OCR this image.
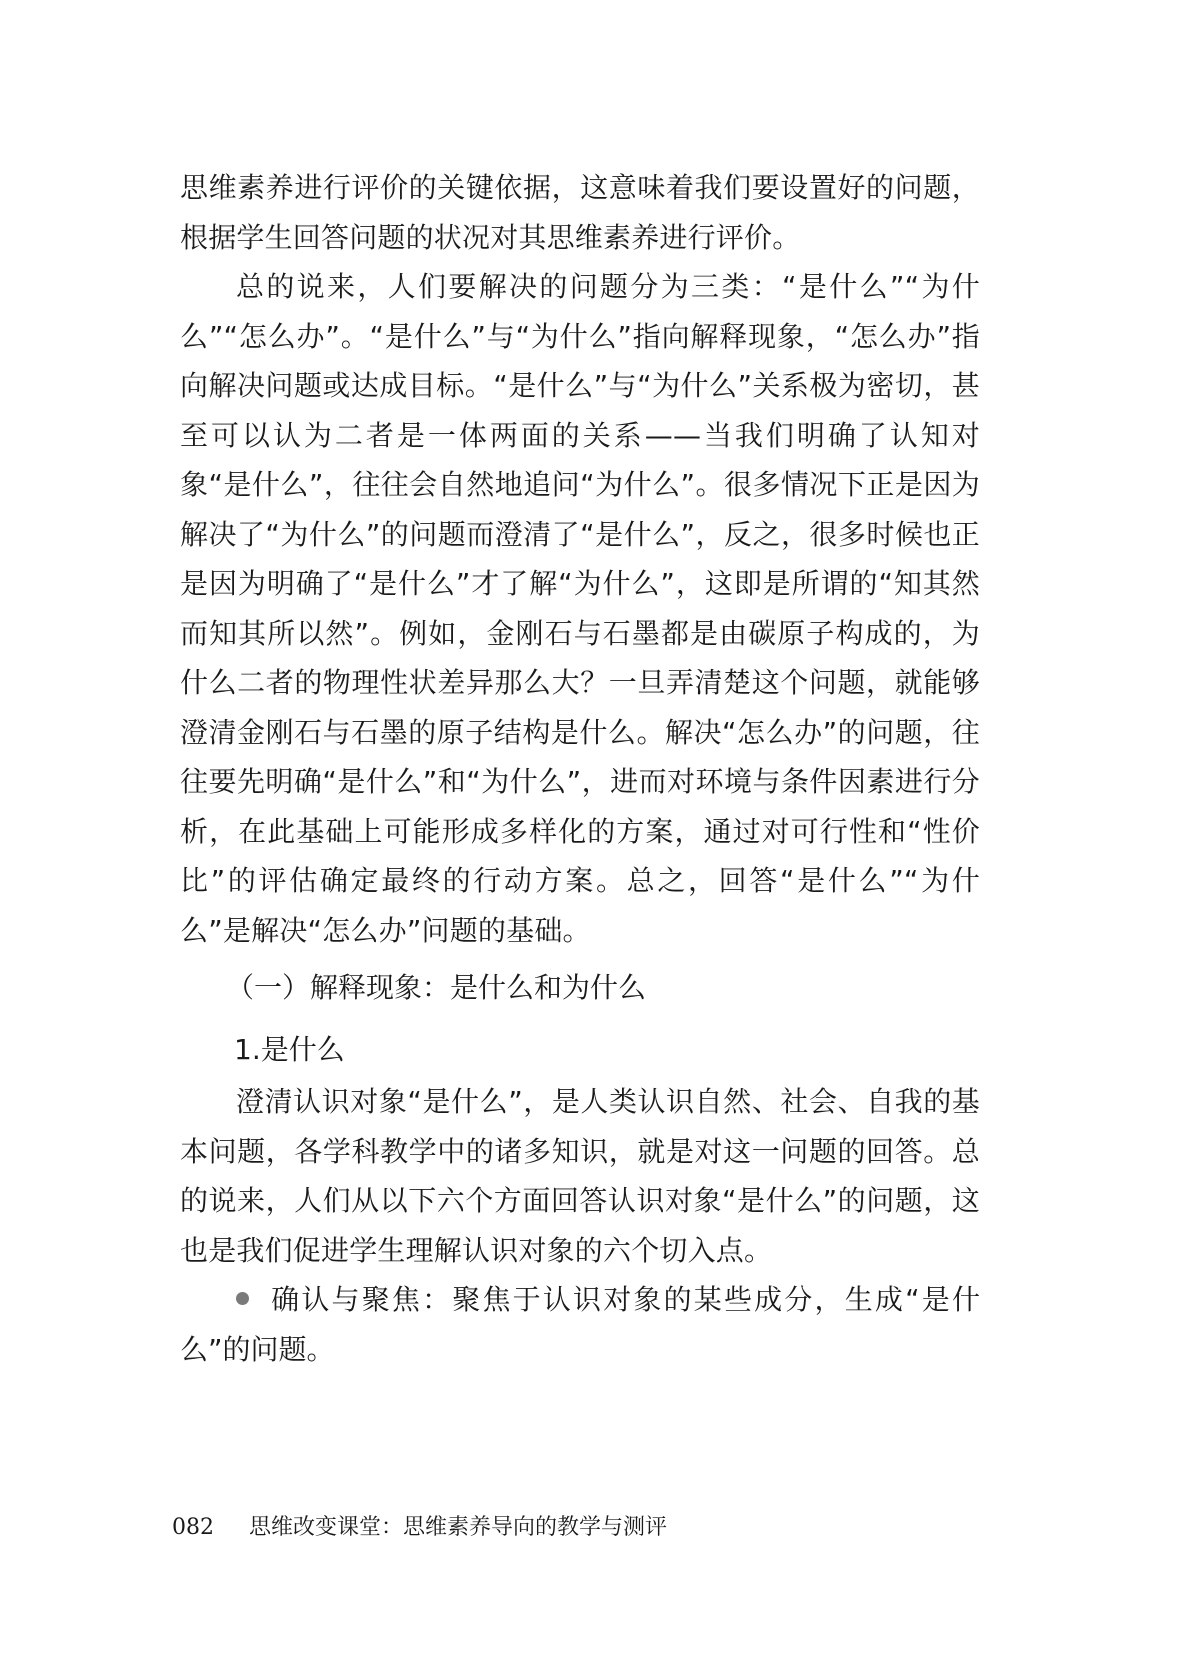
思维素养进行评价的关键依据，这意味着我们要设置好的问题，根据学生回答问题的状况对其思维素养进行评价。

总的说来，人们要解决的问题分为三类：“是什么”“为什么”“怎么办”。“是什么”与“为什么”指向解释现象，“怎么办”指向解决问题或达成目标。“是什么”与“为什么”关系极为密切，甚至可以认为二者是一体两面的关系——当我们明确了认知对象“是什么”，往往会自然地追问“为什么”。很多情况下正是因为解决了“为什么”的问题而澄清了“是什么”，反之，很多时候也正是因为明确了“是什么”才了解“为什么”，这即是所谓的“知其然而知其所以然”。例如，金刚石与石墨都是由碳原子构成的，为什么二者的物理性状差异那么大？一旦弄清楚这个问题，就能够澄清金刚石与石墨的原子结构是什么。解决“怎么办”的问题，往往要先明确“是什么”和“为什么”，进而对环境与条件因素进行分析，在此基础上可能形成多样化的方案，通过对可行性和“性价比”的评估确定最终的行动方案。总之，回答“是什么”“为什么”是解决“怎么办”问题的基础。

（一）解释现象：是什么和为什么

1.是什么

澄清认识对象“是什么”，是人类认识自然、社会、自我的基本问题，各学科教学中的诸多知识，就是对这一问题的回答。总的说来，人们从以下六个方面回答认识对象“是什么”的问题，这也是我们促进学生理解认识对象的六个切入点。

确认与聚焦：聚焦于认识对象的某些成分，生成“是什么”的问题。

082 思维改变课堂：思维素养导向的教学与测评
